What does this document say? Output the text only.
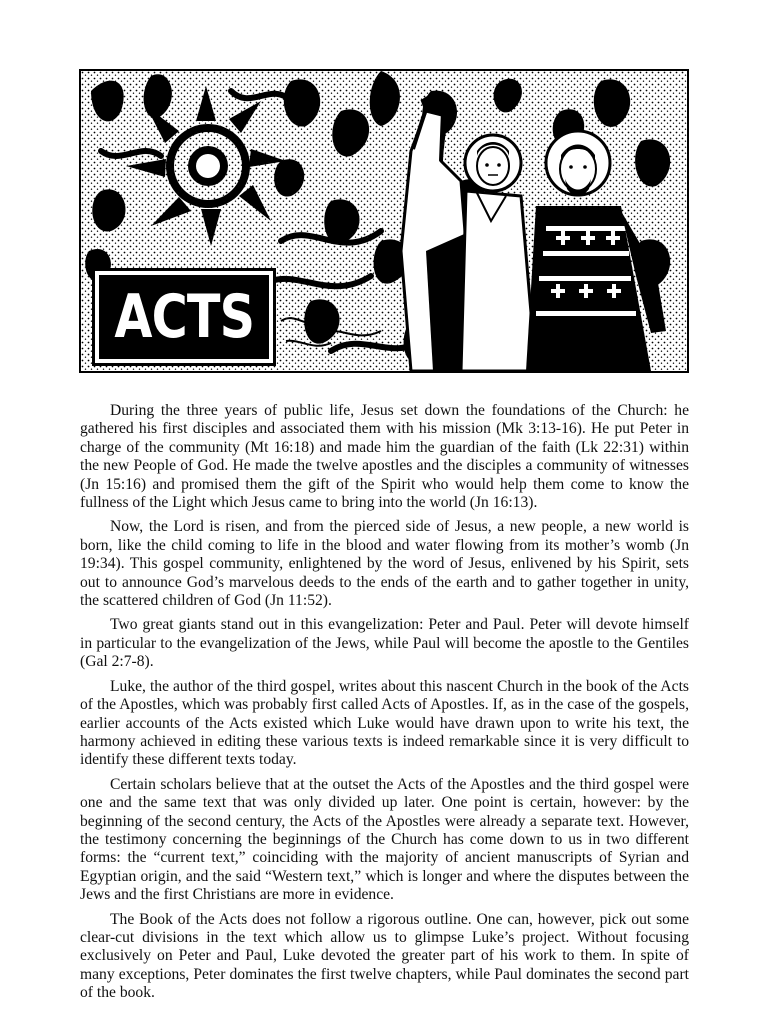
ACTS

During the three years of public life, Jesus set down the foundations of the Church: he gathered his first disciples and associated them with his mission (Mk 3:13-16). He put Peter in charge of the community (Mt 16:18) and made him the guardian of the faith (Lk 22:31) within the new People of God. He made the twelve apostles and the disciples a community of witnesses (Jn 15:16) and promised them the gift of the Spirit who would help them come to know the fullness of the Light which Jesus came to bring into the world (Jn 16:13).

Now, the Lord is risen, and from the pierced side of Jesus, a new people, a new world is born, like the child coming to life in the blood and water flowing from its mother’s womb (Jn 19:34). This gospel community, enlightened by the word of Jesus, enlivened by his Spirit, sets out to announce God’s marvelous deeds to the ends of the earth and to gather together in unity, the scattered children of God (Jn 11:52).

Two great giants stand out in this evangelization: Peter and Paul. Peter will devote himself in particular to the evangelization of the Jews, while Paul will become the apostle to the Gentiles (Gal 2:7-8).

Luke, the author of the third gospel, writes about this nascent Church in the book of the Acts of the Apostles, which was probably first called Acts of Apostles. If, as in the case of the gospels, earlier accounts of the Acts existed which Luke would have drawn upon to write his text, the harmony achieved in editing these various texts is indeed remarkable since it is very difficult to identify these different texts today.

Certain scholars believe that at the outset the Acts of the Apostles and the third gospel were one and the same text that was only divided up later. One point is certain, however: by the beginning of the second century, the Acts of the Apostles were already a separate text. However, the testimony concerning the beginnings of the Church has come down to us in two different forms: the “current text,” coinciding with the majority of ancient manuscripts of Syrian and Egyptian origin, and the said “Western text,” which is longer and where the disputes between the Jews and the first Christians are more in evidence.

The Book of the Acts does not follow a rigorous outline. One can, however, pick out some clear-cut divisions in the text which allow us to glimpse Luke’s project. Without focusing exclusively on Peter and Paul, Luke devoted the greater part of his work to them. In spite of many exceptions, Peter dominates the first twelve chapters, while Paul dominates the second part of the book.
